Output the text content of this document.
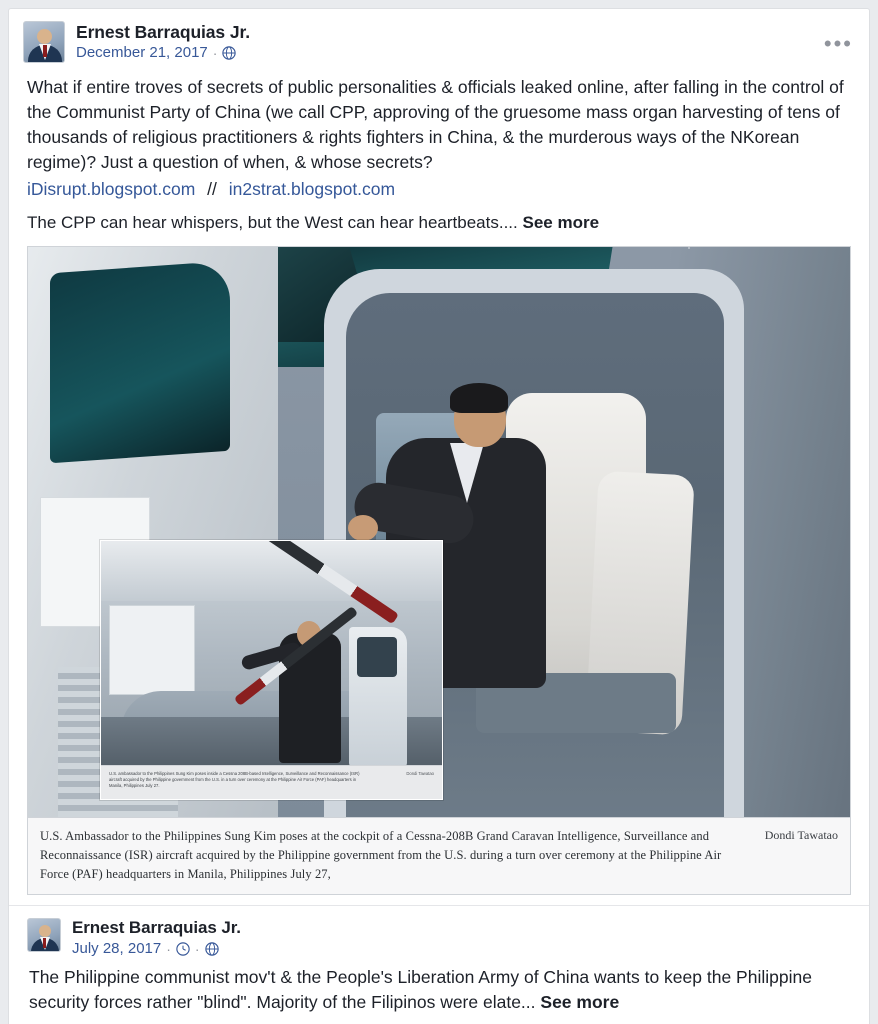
Ernest Barraquias Jr.
December 21, 2017 ·	•••

What if entire troves of secrets of public personalities & officials leaked online, after falling in the control of the Communist Party of China (we call CPP, approving of the gruesome mass organ harvesting of tens of thousands of religious practitioners & rights fighters in China, & the murderous ways of the NKorean regime)? Just a question of when, & whose secrets?

iDisrupt.blogspot.com // in2strat.blogspot.com
The CPP can hear whispers, but the West can hear heartbeats.... See more
U.S. ambassador to the Philippines Sung Kim poses inside a Cessna 208B-based Intelligence, Surveillance and Reconnaissance (ISR) aircraft acquired by the Philippine government from the U.S. in a turn over ceremony at the Philippine Air Force (PAF) headquarters in Manila, Philippines July 27.
Dondi Tawatao
U.S. Ambassador to the Philippines Sung Kim poses at the cockpit of a Cessna-208B Grand Caravan Intelligence, Surveillance and Reconnaissance (ISR) aircraft acquired by the Philippine government from the U.S. during a turn over ceremony at the Philippine Air Force (PAF) headquarters in Manila, Philippines July 27,
Dondi Tawatao
Ernest Barraquias Jr.
July 28, 2017 · ·
The Philippine communist mov't & the People's Liberation Army of China wants to keep the Philippine security forces rather "blind". Majority of the Filipinos were elate... See more
